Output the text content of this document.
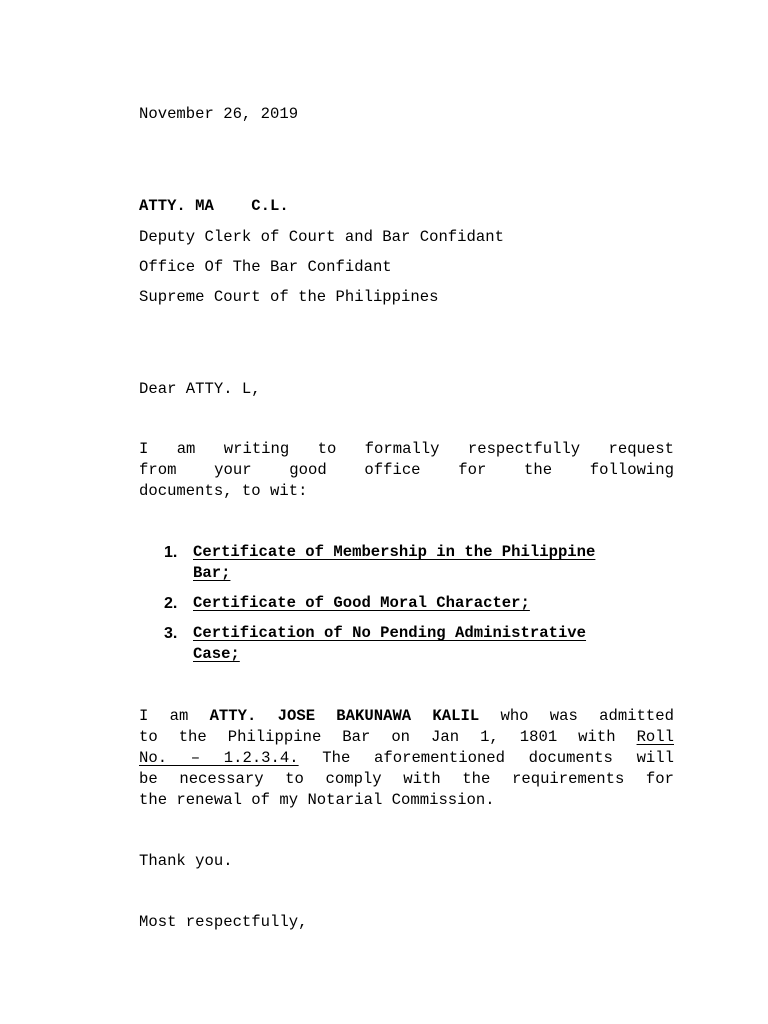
November 26, 2019
ATTY. MA    C.L.
Deputy Clerk of Court and Bar Confidant
Office Of The Bar Confidant
Supreme Court of the Philippines
Dear ATTY. L,
I am writing to formally respectfully request
from your good office for the following
documents, to wit:
1. Certificate of Membership in the Philippine
Bar;
2. Certificate of Good Moral Character;
3. Certification of No Pending Administrative
Case;
I am ATTY. JOSE BAKUNAWA KALIL who was admitted
to the Philippine Bar on Jan 1, 1801 with Roll
No. – 1.2.3.4. The aforementioned documents will
be necessary to comply with the requirements for
the renewal of my Notarial Commission.
Thank you.
Most respectfully,
